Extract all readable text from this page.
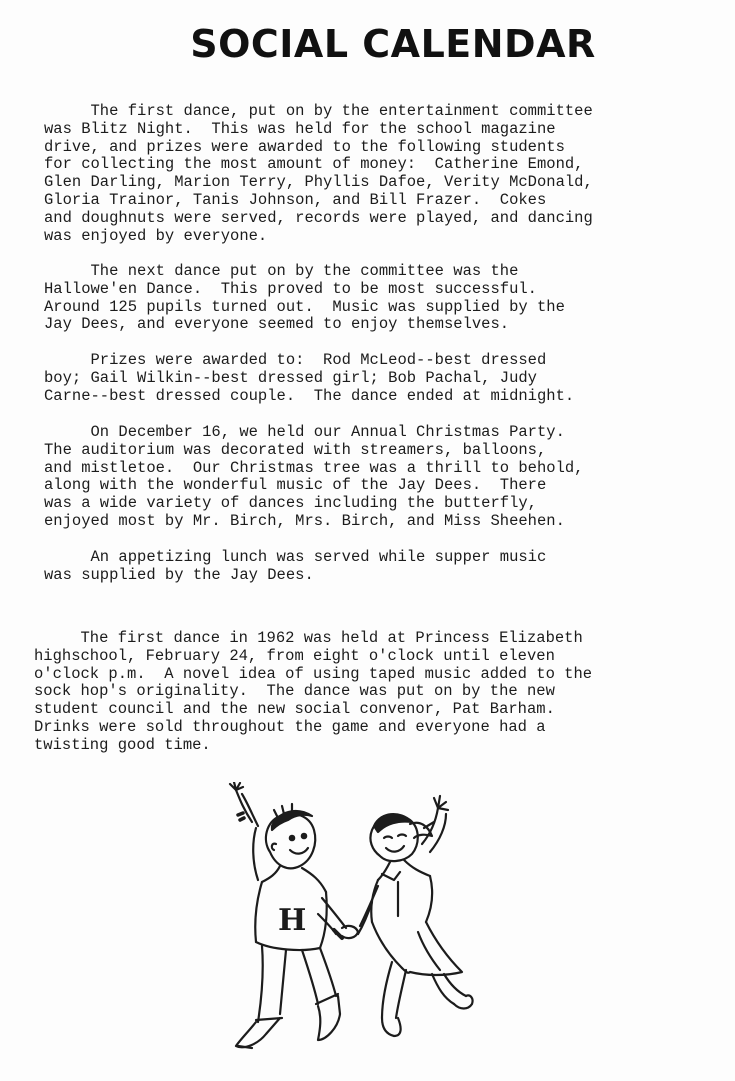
SOCIAL CALENDAR

The first dance, put on by the entertainment committee
was Blitz Night.  This was held for the school magazine
drive, and prizes were awarded to the following students
for collecting the most amount of money:  Catherine Emond,
Glen Darling, Marion Terry, Phyllis Dafoe, Verity McDonald,
Gloria Trainor, Tanis Johnson, and Bill Frazer.  Cokes
and doughnuts were served, records were played, and dancing
was enjoyed by everyone.

The next dance put on by the committee was the
Hallowe'en Dance.  This proved to be most successful.
Around 125 pupils turned out.  Music was supplied by the
Jay Dees, and everyone seemed to enjoy themselves.

Prizes were awarded to:  Rod McLeod--best dressed
boy; Gail Wilkin--best dressed girl; Bob Pachal, Judy
Carne--best dressed couple.  The dance ended at midnight.

On December 16, we held our Annual Christmas Party.
The auditorium was decorated with streamers, balloons,
and mistletoe.  Our Christmas tree was a thrill to behold,
along with the wonderful music of the Jay Dees.  There
was a wide variety of dances including the butterfly,
enjoyed most by Mr. Birch, Mrs. Birch, and Miss Sheehen.

An appetizing lunch was served while supper music
was supplied by the Jay Dees.

The first dance in 1962 was held at Princess Elizabeth
highschool, February 24, from eight o'clock until eleven
o'clock p.m.  A novel idea of using taped music added to the
sock hop's originality.  The dance was put on by the new
student council and the new social convenor, Pat Barham.
Drinks were sold throughout the game and everyone had a
twisting good time.

H
